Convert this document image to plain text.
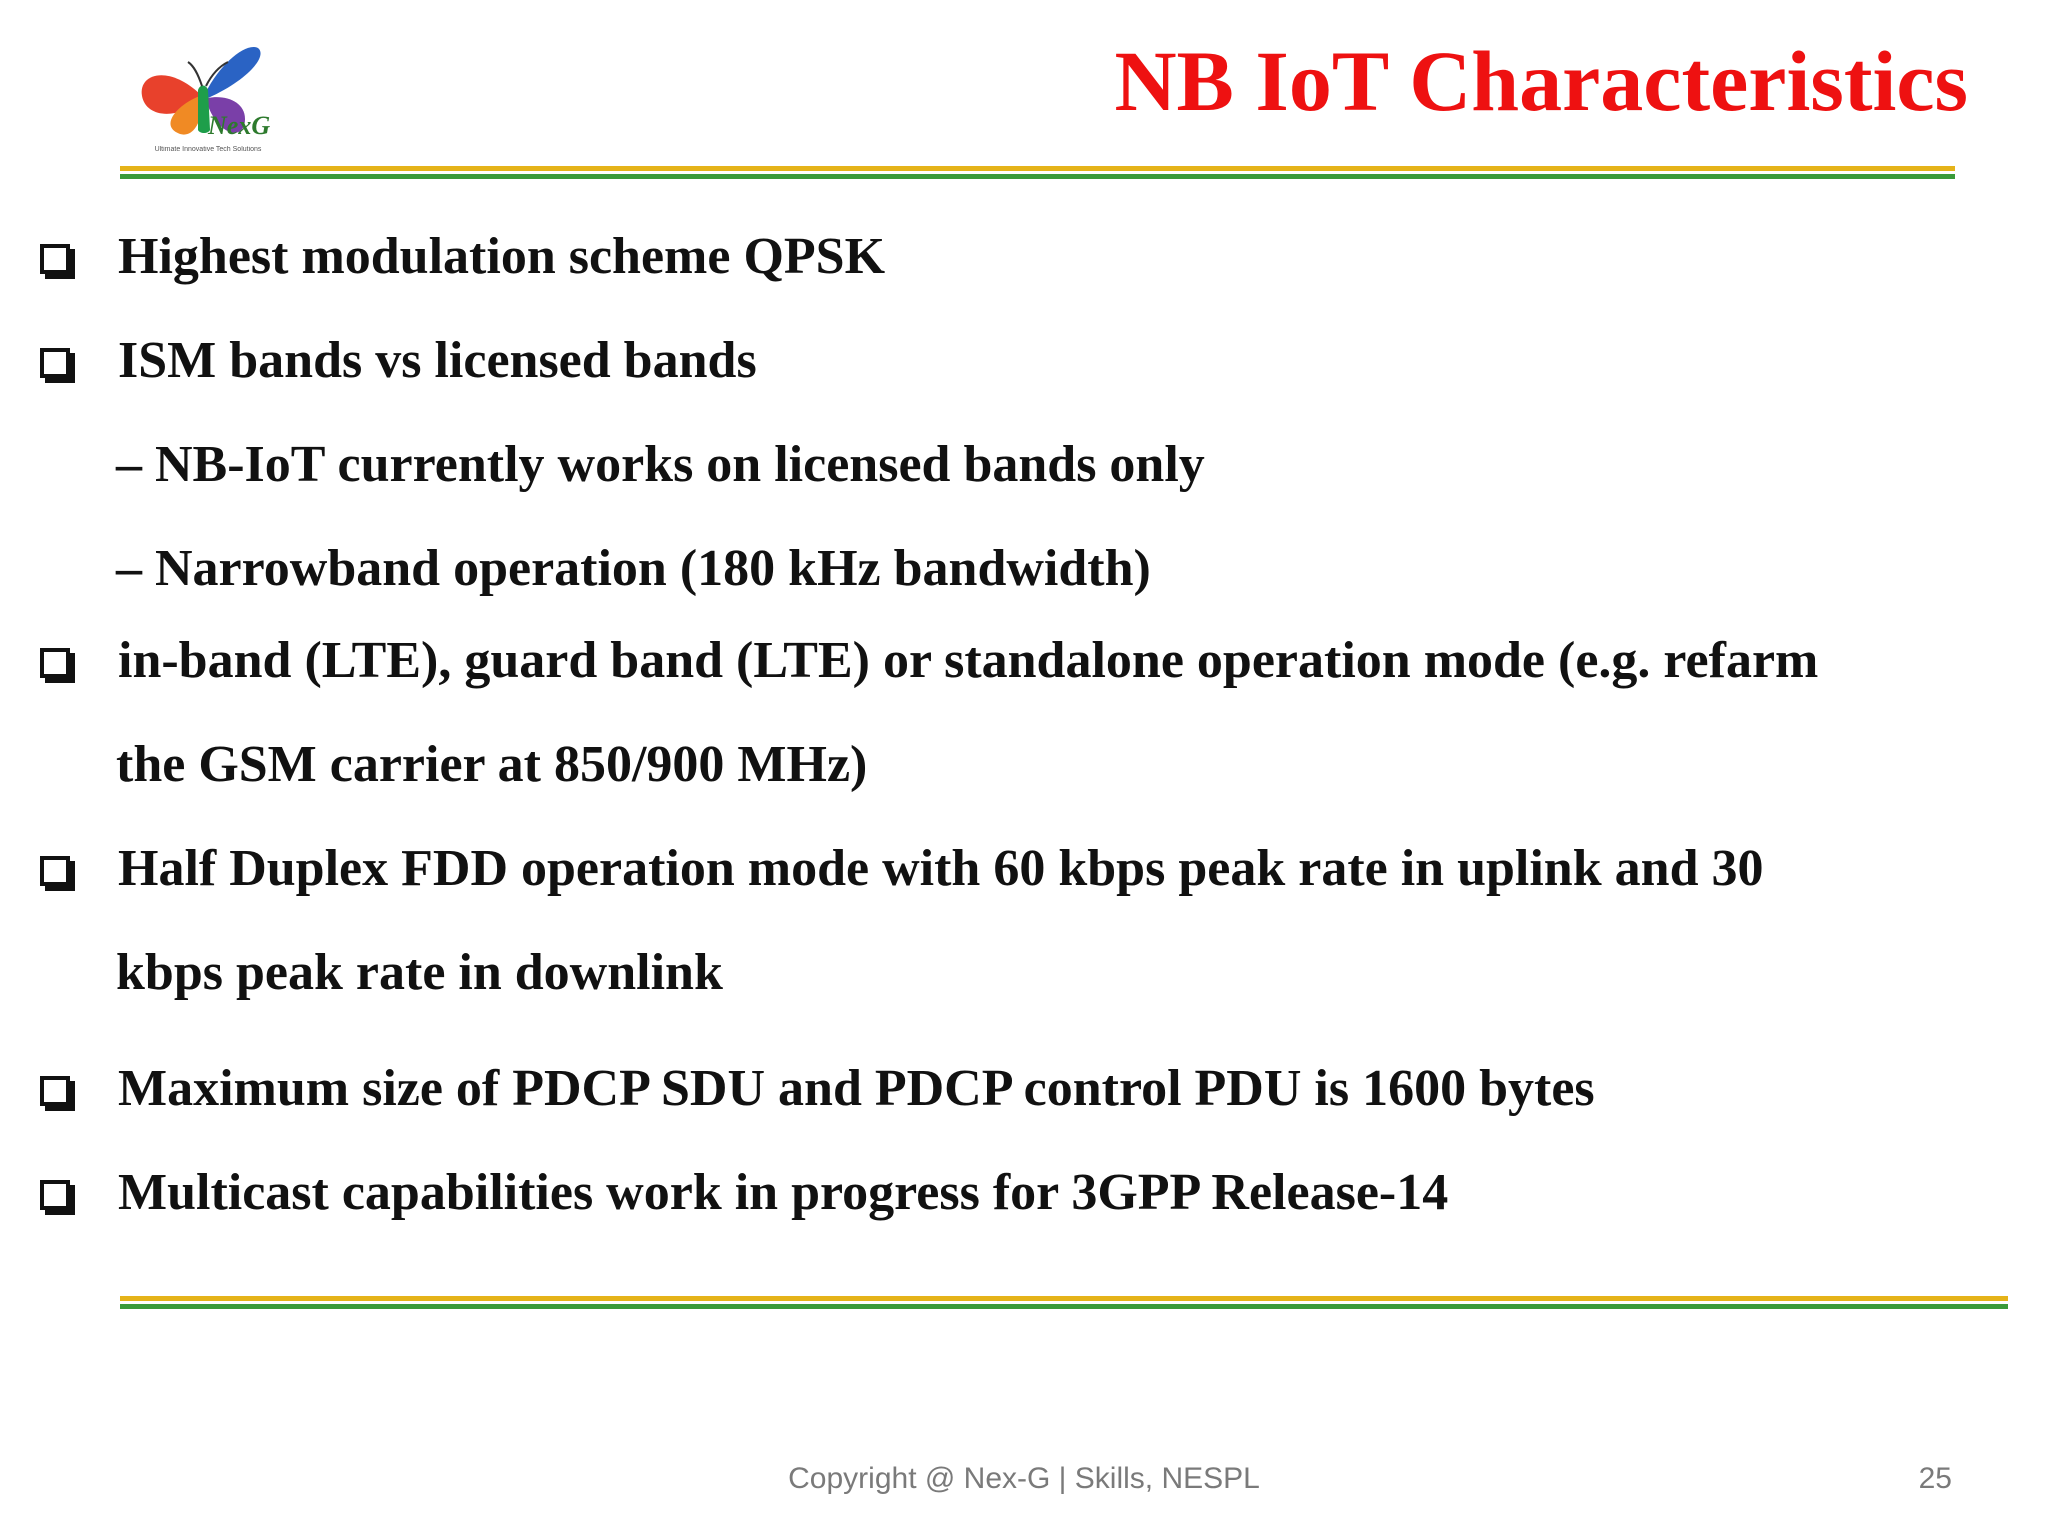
NexG
Ultimate Innovative Tech Solutions
NB IoT Characteristics
Highest modulation scheme QPSK
ISM bands vs licensed bands
– NB-IoT currently works on licensed bands only
– Narrowband operation (180 kHz bandwidth)
in-band (LTE), guard band (LTE) or standalone operation mode (e.g. refarm
the GSM carrier at 850/900 MHz)
Half Duplex FDD operation mode with 60 kbps peak rate in uplink and 30
kbps peak rate in downlink
Maximum size of PDCP SDU and PDCP control PDU is 1600 bytes
Multicast capabilities work in progress for 3GPP Release-14
Copyright @ Nex-G | Skills, NESPL	25
